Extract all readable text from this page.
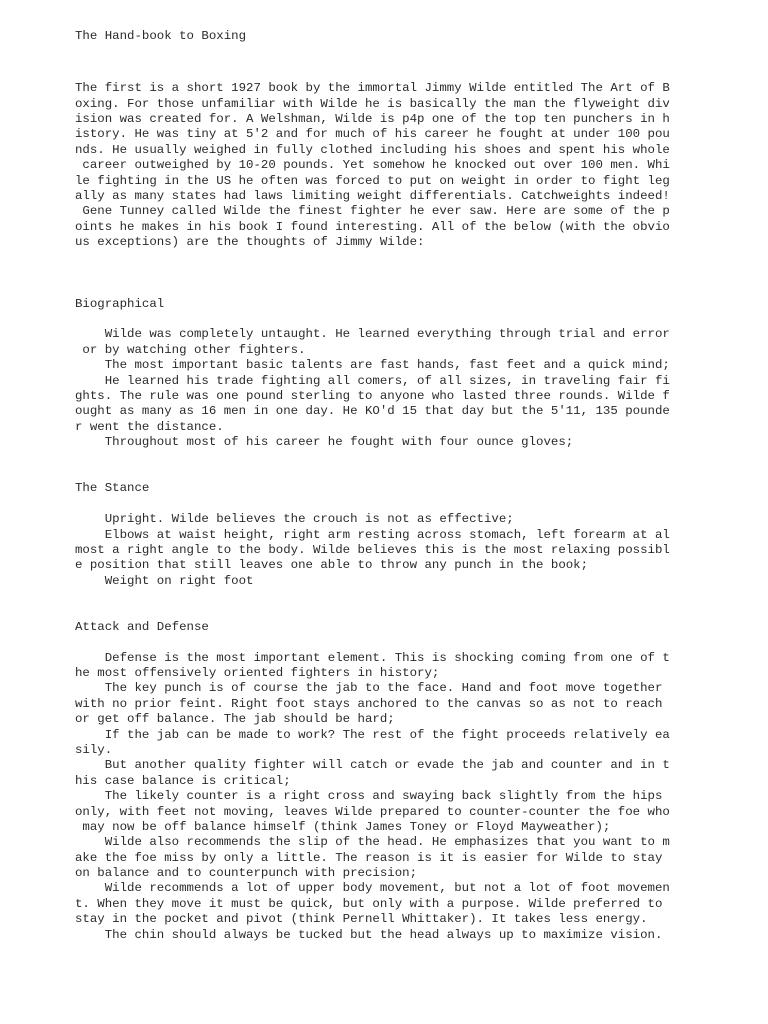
The Hand-book to Boxing
The first is a short 1927 book by the immortal Jimmy Wilde entitled The Art of B
oxing. For those unfamiliar with Wilde he is basically the man the flyweight div
ision was created for. A Welshman, Wilde is p4p one of the top ten punchers in h
istory. He was tiny at 5'2 and for much of his career he fought at under 100 pou
nds. He usually weighed in fully clothed including his shoes and spent his whole
career outweighed by 10-20 pounds. Yet somehow he knocked out over 100 men. Whi
le fighting in the US he often was forced to put on weight in order to fight leg
ally as many states had laws limiting weight differentials. Catchweights indeed!
Gene Tunney called Wilde the finest fighter he ever saw. Here are some of the p
oints he makes in his book I found interesting. All of the below (with the obvio
us exceptions) are the thoughts of Jimmy Wilde:
Biographical
Wilde was completely untaught. He learned everything through trial and error
or by watching other fighters.
The most important basic talents are fast hands, fast feet and a quick mind;
He learned his trade fighting all comers, of all sizes, in traveling fair fi
ghts. The rule was one pound sterling to anyone who lasted three rounds. Wilde f
ought as many as 16 men in one day. He KO'd 15 that day but the 5'11, 135 pounde
r went the distance.
Throughout most of his career he fought with four ounce gloves;
The Stance
Upright. Wilde believes the crouch is not as effective;
Elbows at waist height, right arm resting across stomach, left forearm at al
most a right angle to the body. Wilde believes this is the most relaxing possibl
e position that still leaves one able to throw any punch in the book;
Weight on right foot
Attack and Defense
Defense is the most important element. This is shocking coming from one of t
he most offensively oriented fighters in history;
The key punch is of course the jab to the face. Hand and foot move together
with no prior feint. Right foot stays anchored to the canvas so as not to reach
or get off balance. The jab should be hard;
If the jab can be made to work? The rest of the fight proceeds relatively ea
sily.
But another quality fighter will catch or evade the jab and counter and in t
his case balance is critical;
The likely counter is a right cross and swaying back slightly from the hips
only, with feet not moving, leaves Wilde prepared to counter-counter the foe who
may now be off balance himself (think James Toney or Floyd Mayweather);
Wilde also recommends the slip of the head. He emphasizes that you want to m
ake the foe miss by only a little. The reason is it is easier for Wilde to stay
on balance and to counterpunch with precision;
Wilde recommends a lot of upper body movement, but not a lot of foot movemen
t. When they move it must be quick, but only with a purpose. Wilde preferred to
stay in the pocket and pivot (think Pernell Whittaker). It takes less energy.
The chin should always be tucked but the head always up to maximize vision.
